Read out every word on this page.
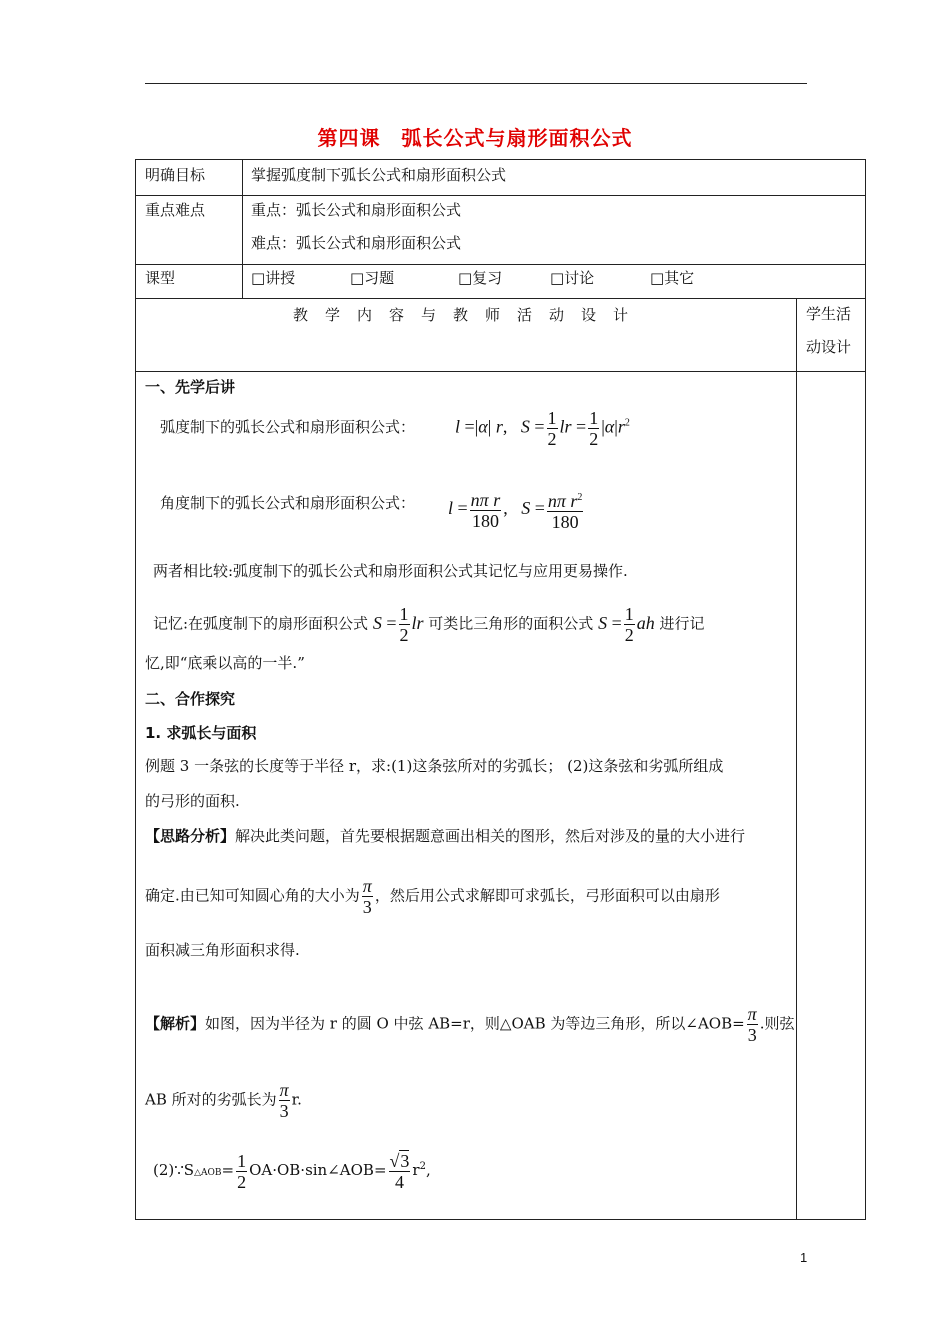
第四课　弧长公式与扇形面积公式
明确目标	掌握弧度制下弧长公式和扇形面积公式
重点难点	重点：弧长公式和扇形面积公式
难点：弧长公式和扇形面积公式
课型	□讲授	□习题	□复习	□讨论	□其它
教学内容与教师活动设计	学生活
动设计
一、先学后讲
弧度制下的弧长公式和扇形面积公式： l =|α| r,   $S = \frac{1}{2}$ lr = $\frac{1}{2} |\alpha|r^2$
角度制下的弧长公式和扇形面积公式： $l = \frac{\text{nπ r}}{180}$ ,   $S = \frac{n\pi r^2}{180}$
两者相比较:弧度制下的弧长公式和扇形面积公式其记忆与应用更易操作.
记忆:在弧度制下的扇形面积公式 $S = \frac{1}{2}$ lr 可类比三角形的面积公式 $S = \frac{1}{2}$ ah 进行记
忆,即“底乘以高的一半.”
二、合作探究
1. 求弧长与面积
例题 3 一条弦的长度等于半径 r，求:(1)这条弦所对的劣弧长； (2)这条弦和劣弧所组成
的弓形的面积.
【思路分析】解决此类问题，首先要根据题意画出相关的图形，然后对涉及的量的大小进行
确定.由已知可知圆心角的大小为 $\frac{\pi}{3}$ ，然后用公式求解即可求弧长，弓形面积可以由扇形
面积减三角形面积求得.
【解析】如图，因为半径为 r 的圆 O 中弦 AB=r，则△OAB 为等边三角形，所以∠AOB= $\frac{\pi}{3}$ .则弦
AB 所对的劣弧长为 $\frac{\pi}{3} r$.
(2)∵S△AOB= $\frac{1}{2}$ OA·OB·sin∠AOB= $\frac{√3}{4} r^2$,
1
